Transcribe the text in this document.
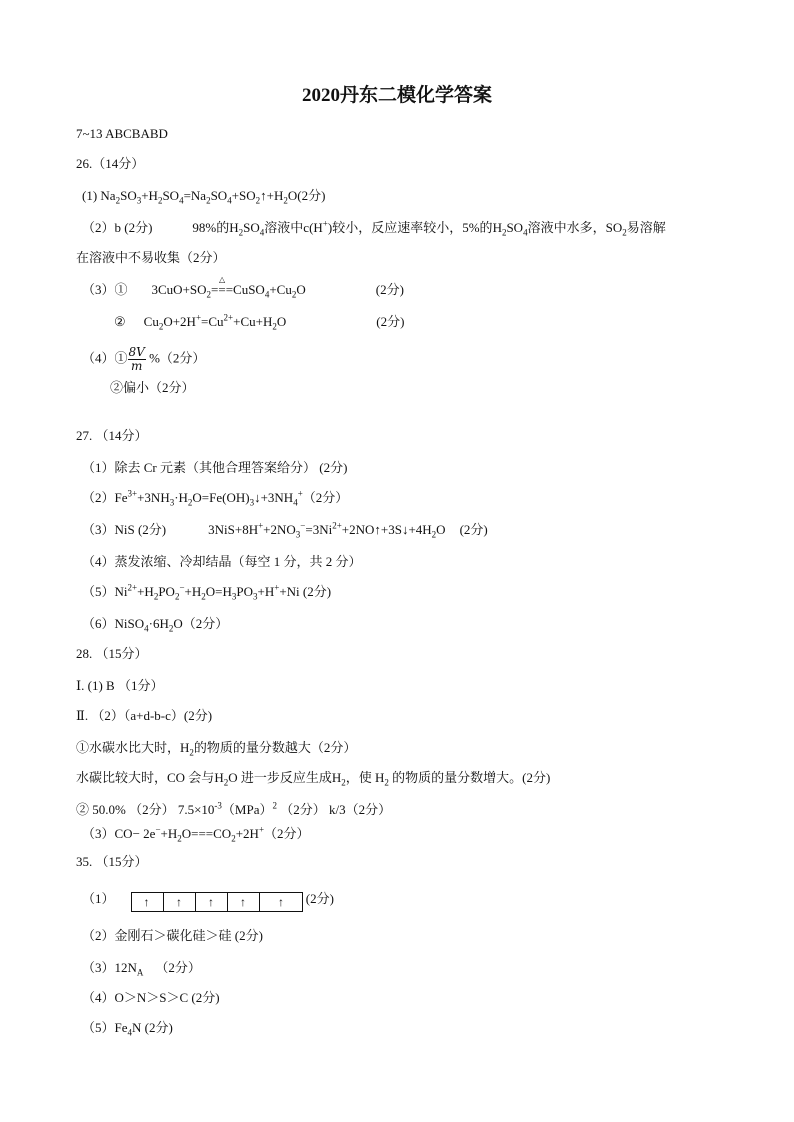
2020丹东二模化学答案
7~13 ABCBABD
26.（14分）
(1) $Na_2SO_3+H_2SO_4=Na_2SO_4+SO_2↑+H_2O(2$分)
（2）b (2分)	98%的$H_2SO_4$溶液中c(H+)较小，反应速率较小，5%的$H_2SO_4$溶液中水多，$SO_2$易溶解
在溶液中不易收集（2分）
（3）① $3CuO+SO_2$
△
$===CuSO_4+Cu_2O$	(2分)
② $Cu_2O+2H^+=Cu^{2+}+Cu+H_2O$	(2分)
（4）① $\frac{8V}{m} \%(2$分）
②偏小（2分）
27. （14分）
（1）除去 Cr 元素（其他合理答案给分） (2分)
$(2)Fe^{3+}+3NH_3\cdot H_2O=Fe(OH)_3↓+3NH_4^+(2$分）
（3）NiS (2分)	$3NiS+8H^++2NO_3^-=3Ni^{2+}+2NO↑+3S↓+4H_2O$ (2分)
（4）蒸发浓缩、冷却结晶（每空 1 分，共 2 分）
$(5)Ni^{2+}+H_2PO_2^-+H_2O=H_3PO_3+H^++Ni$ (2分)
$(6)NiSO_4\cdot 6H_2O(2$分）
28. （15分）
Ⅰ. (1) B （1分）
Ⅱ. （2）（a+d-b-c）(2分)
①水碳水比大时，$H_2$的物质的量分数越大（2分）
水碳比较大时，CO 会与$H_2O$ 进一步反应生成$H_2$，使 $H_2$ 的物质的量分数增大。(2分)
② 50.0% （2分） $7.5\times 10^{-3}(MPa)^2$ （2分） k/3（2分）
$(3)CO- 2e^-+H_2O===CO_2+2H^+(2$分）
35. （15分）
（1）	↑	↑	↑	↑	↑	(2分)
（2）金刚石＞碳化硅＞硅 (2分)
$(3)12N_A$ （2分）
（4）O＞N＞S＞C (2分)
$(5)Fe_4N$ (2分)
